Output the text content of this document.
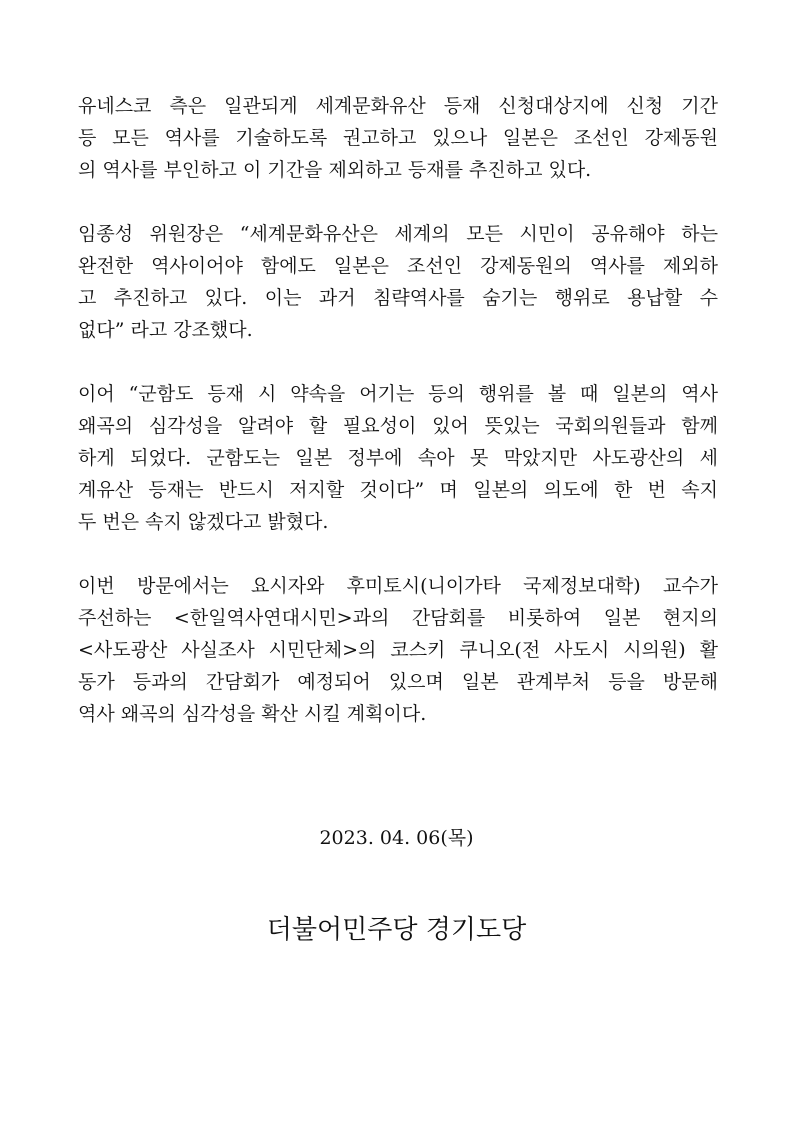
유네스코 측은 일관되게 세계문화유산 등재 신청대상지에 신청 기간
등 모든 역사를 기술하도록 권고하고 있으나 일본은 조선인 강제동원
의 역사를 부인하고 이 기간을 제외하고 등재를 추진하고 있다.
임종성 위원장은 “세계문화유산은 세계의 모든 시민이 공유해야 하는
완전한 역사이어야 함에도 일본은 조선인 강제동원의 역사를 제외하
고 추진하고 있다. 이는 과거 침략역사를 숨기는 행위로 용납할 수
없다” 라고 강조했다.
이어 “군함도 등재 시 약속을 어기는 등의 행위를 볼 때 일본의 역사
왜곡의 심각성을 알려야 할 필요성이 있어 뜻있는 국회의원들과 함께
하게 되었다. 군함도는 일본 정부에 속아 못 막았지만 사도광산의 세
계유산 등재는 반드시 저지할 것이다” 며 일본의 의도에 한 번 속지
두 번은 속지 않겠다고 밝혔다.
이번 방문에서는 요시자와 후미토시(니이가타 국제정보대학) 교수가
주선하는 <한일역사연대시민>과의 간담회를 비롯하여 일본 현지의
<사도광산 사실조사 시민단체>의 코스키 쿠니오(전 사도시 시의원) 활
동가 등과의 간담회가 예정되어 있으며 일본 관계부처 등을 방문해
역사 왜곡의 심각성을 확산 시킬 계획이다.
2023. 04. 06(목)
더불어민주당 경기도당
